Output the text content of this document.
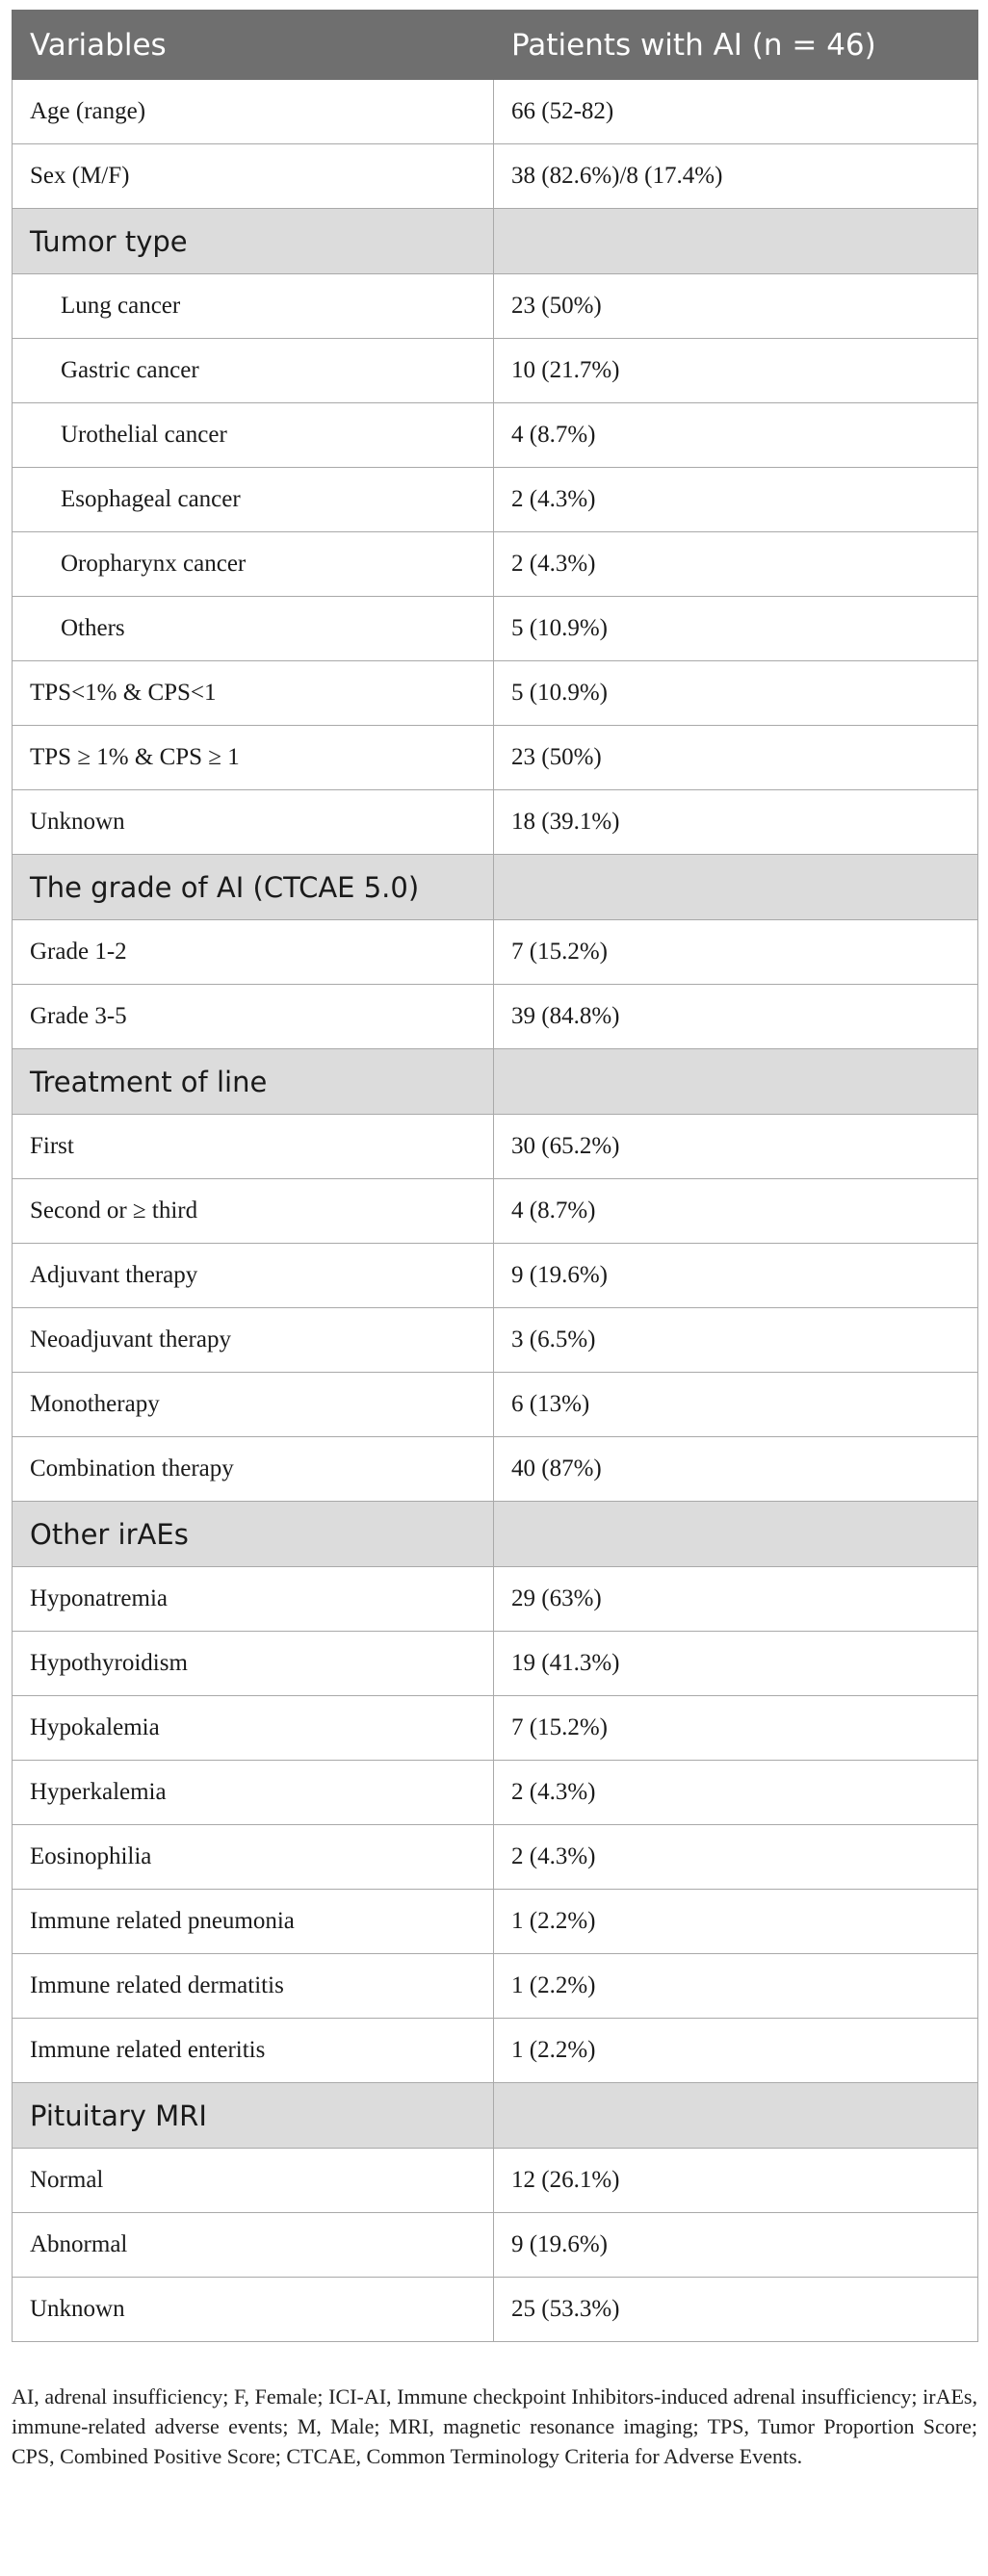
Variables	Patients with AI (n = 46)
Age (range)	66 (52-82)
Sex (M/F)	38 (82.6%)/8 (17.4%)
Tumor type	
Lung cancer	23 (50%)
Gastric cancer	10 (21.7%)
Urothelial cancer	4 (8.7%)
Esophageal cancer	2 (4.3%)
Oropharynx cancer	2 (4.3%)
Others	5 (10.9%)
TPS<1% & CPS<1	5 (10.9%)
TPS ≥ 1% & CPS ≥ 1	23 (50%)
Unknown	18 (39.1%)
The grade of AI (CTCAE 5.0)	
Grade 1-2	7 (15.2%)
Grade 3-5	39 (84.8%)
Treatment of line	
First	30 (65.2%)
Second or ≥ third	4 (8.7%)
Adjuvant therapy	9 (19.6%)
Neoadjuvant therapy	3 (6.5%)
Monotherapy	6 (13%)
Combination therapy	40 (87%)
Other irAEs	
Hyponatremia	29 (63%)
Hypothyroidism	19 (41.3%)
Hypokalemia	7 (15.2%)
Hyperkalemia	2 (4.3%)
Eosinophilia	2 (4.3%)
Immune related pneumonia	1 (2.2%)
Immune related dermatitis	1 (2.2%)
Immune related enteritis	1 (2.2%)
Pituitary MRI	
Normal	12 (26.1%)
Abnormal	9 (19.6%)
Unknown	25 (53.3%)
AI, adrenal insufficiency; F, Female; ICI-AI, Immune checkpoint Inhibitors-induced adrenal insufficiency; irAEs, immune-related adverse events; M, Male; MRI, magnetic resonance imaging; TPS, Tumor Proportion Score; CPS, Combined Positive Score; CTCAE, Common Terminology Criteria for Adverse Events.
